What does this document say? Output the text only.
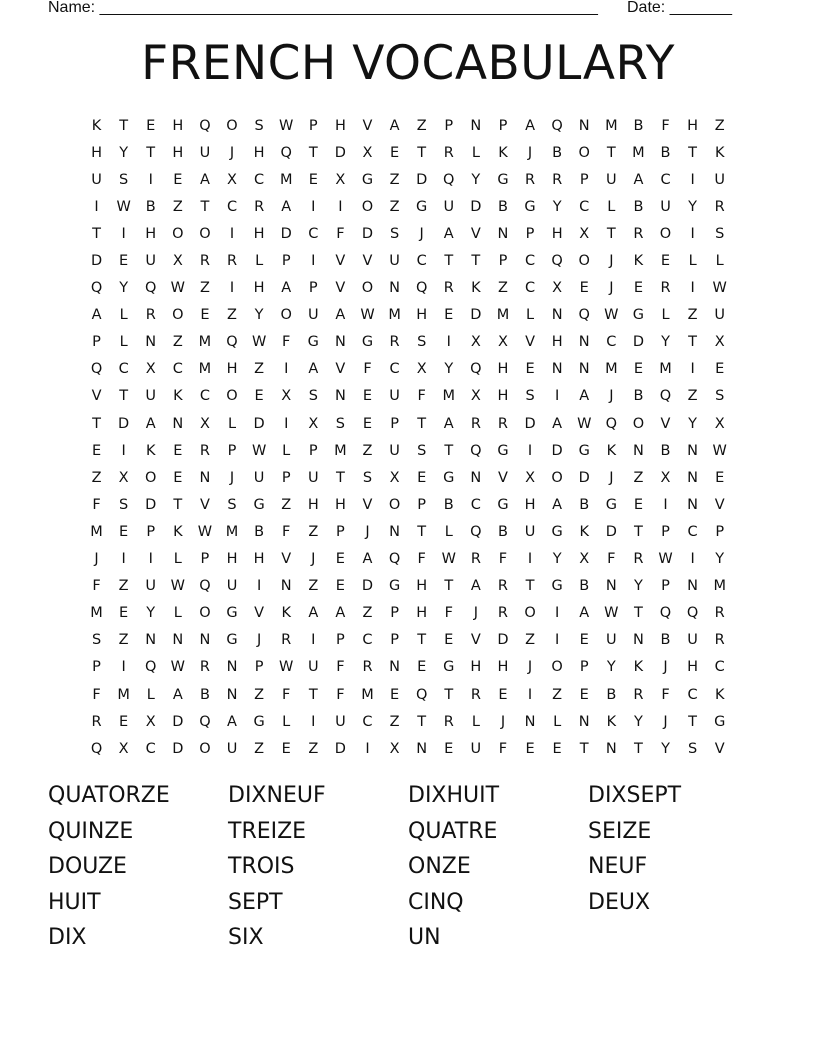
Name: ________________________________________________________ Date: _______
FRENCH VOCABULARY
K	T	E	H	Q	O	S	W	P	H	V	A	Z	P	N	P	A	Q	N	M	B	F	H	Z
H	Y	T	H	U	J	H	Q	T	D	X	E	T	R	L	K	J	B	O	T	M	B	T	K
U	S	I	E	A	X	C	M	E	X	G	Z	D	Q	Y	G	R	R	P	U	A	C	I	U
I	W	B	Z	T	C	R	A	I	I	O	Z	G	U	D	B	G	Y	C	L	B	U	Y	R
T	I	H	O	O	I	H	D	C	F	D	S	J	A	V	N	P	H	X	T	R	O	I	S
D	E	U	X	R	R	L	P	I	V	V	U	C	T	T	P	C	Q	O	J	K	E	L	L
Q	Y	Q W	Z	I	H	A	P	V	O	N	Q	R	K	Z	C	X	E	J	E	R	I	W
A	L	R	O	E	Z	Y	O	U	A	W M	H	E	D	M	L	N	Q W G	L	Z	U
P	L	N	Z	M	Q W	F	G	N	G	R	S	I	X	X	V	H	N	C	D	Y	T	X
Q	C	X	C	M	H	Z	I	A	V	F	C	X	Y	Q	H	E	N	N	M	E	M	I	E
V	T	U	K	C	O	E	X	S	N	E	U	F	M	X	H	S	I	A	J	B	Q	Z	S
T	D	A	N	X	L	D	I	X	S	E	P	T	A	R	R	D	A	W Q	O	V	Y	X
E	I	K	E	R	P	W	L	P	M	Z	U	S	T	Q	G	I	D	G	K	N	B	N	W
Z	X	O	E	N	J	U	P	U	T	S	X	E	G	N	V	X	O	D	J	Z	X	N	E
F	S	D	T	V	S	G	Z	H	H	V	O	P	B	C	G	H	A	B	G	E	I	N	V
M	E	P	K	W M	B	F	Z	P	J	N	T	L	Q	B	U	G	K	D	T	P	C	P
J	I	I	L	P	H	H	V	J	E	A	Q	F	W	R	F	I	Y	X	F	R	W	I	Y
F	Z	U	W Q	U	I	N	Z	E	D	G	H	T	A	R	T	G	B	N	Y	P	N	M
M	E	Y	L	O	G	V	K	A	A	Z	P	H	F	J	R	O	I	A	W	T	Q	Q	R
S	Z	N	N	N	G	J	R	I	P	C	P	T	E	V	D	Z	I	E	U	N	B	U	R
P	I	Q W	R	N	P	W	U	F	R	N	E	G	H	H	J	O	P	Y	K	J	H	C
F	M	L	A	B	N	Z	F	T	F	M	E	Q	T	R	E	I	Z	E	B	R	F	C	K
R	E	X	D	Q	A	G	L	I	U	C	Z	T	R	L	J	N	L	N	K	Y	J	T	G
Q	X	C	D	O	U	Z	E	Z	D	I	X	N	E	U	F	E	E	T	N	T	Y	S	V
QUATORZE	DIXNEUF	DIXHUIT	DIXSEPT
QUINZE	TREIZE	QUATRE	SEIZE
DOUZE	TROIS	ONZE	NEUF
HUIT	SEPT	CINQ	DEUX
DIX	SIX	UN
